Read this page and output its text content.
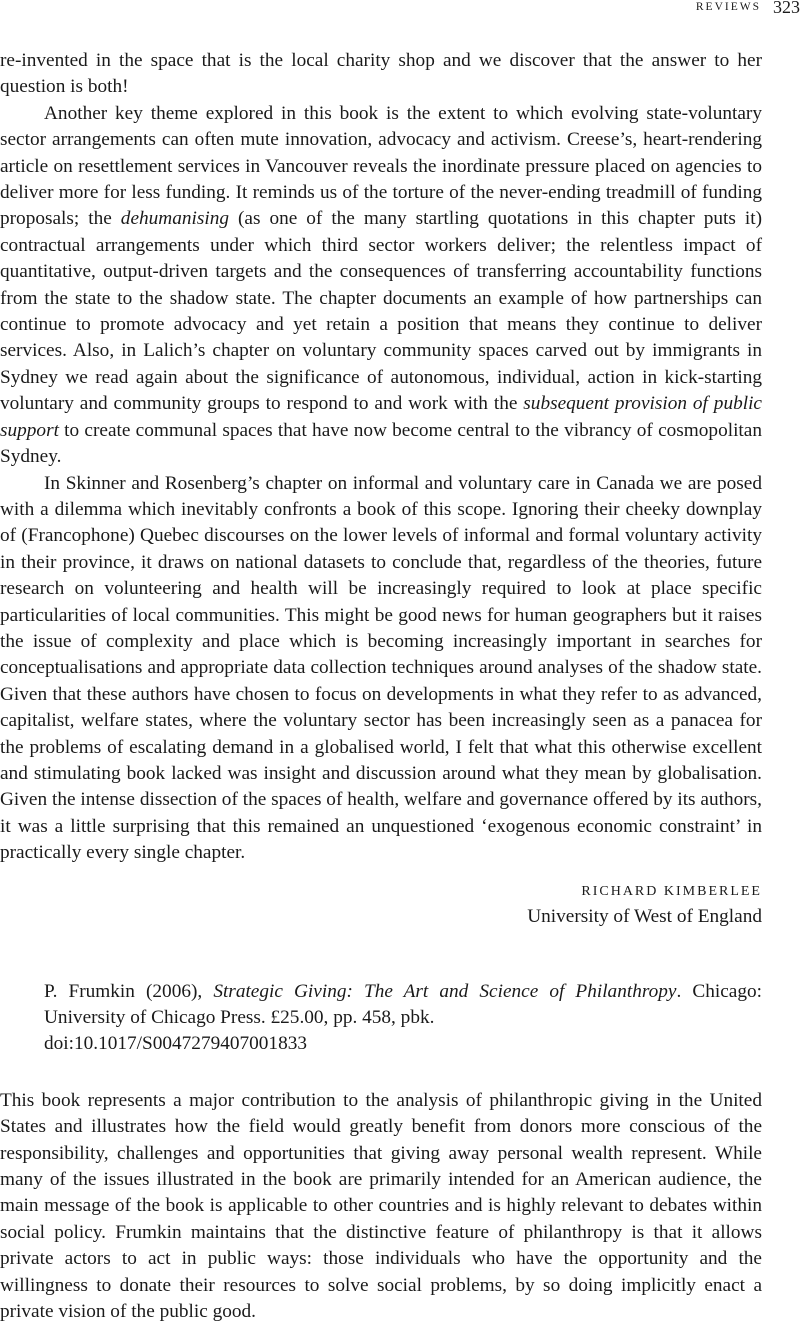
REVIEWS 323

re-invented in the space that is the local charity shop and we discover that the answer to her question is both!

Another key theme explored in this book is the extent to which evolving state-voluntary sector arrangements can often mute innovation, advocacy and activism. Creese’s, heart-rendering article on resettlement services in Vancouver reveals the inordinate pressure placed on agencies to deliver more for less funding. It reminds us of the torture of the never-ending treadmill of funding proposals; the dehumanising (as one of the many startling quotations in this chapter puts it) contractual arrangements under which third sector workers deliver; the relentless impact of quantitative, output-driven targets and the consequences of transferring accountability functions from the state to the shadow state. The chapter documents an example of how partnerships can continue to promote advocacy and yet retain a position that means they continue to deliver services. Also, in Lalich’s chapter on voluntary community spaces carved out by immigrants in Sydney we read again about the significance of autonomous, individual, action in kick-starting voluntary and community groups to respond to and work with the subsequent provision of public support to create communal spaces that have now become central to the vibrancy of cosmopolitan Sydney.

In Skinner and Rosenberg’s chapter on informal and voluntary care in Canada we are posed with a dilemma which inevitably confronts a book of this scope. Ignoring their cheeky downplay of (Francophone) Quebec discourses on the lower levels of informal and formal voluntary activity in their province, it draws on national datasets to conclude that, regardless of the theories, future research on volunteering and health will be increasingly required to look at place specific particularities of local communities. This might be good news for human geographers but it raises the issue of complexity and place which is becoming increasingly important in searches for conceptualisations and appropriate data collection techniques around analyses of the shadow state. Given that these authors have chosen to focus on developments in what they refer to as advanced, capitalist, welfare states, where the voluntary sector has been increasingly seen as a panacea for the problems of escalating demand in a globalised world, I felt that what this otherwise excellent and stimulating book lacked was insight and discussion around what they mean by globalisation. Given the intense dissection of the spaces of health, welfare and governance offered by its authors, it was a little surprising that this remained an unquestioned ‘exogenous economic constraint’ in practically every single chapter.

RICHARD KIMBERLEE
University of West of England

P. Frumkin (2006), Strategic Giving: The Art and Science of Philanthropy. Chicago: University of Chicago Press. £25.00, pp. 458, pbk.

doi:10.1017/S0047279407001833

This book represents a major contribution to the analysis of philanthropic giving in the United States and illustrates how the field would greatly benefit from donors more conscious of the responsibility, challenges and opportunities that giving away personal wealth represent. While many of the issues illustrated in the book are primarily intended for an American audience, the main message of the book is applicable to other countries and is highly relevant to debates within social policy. Frumkin maintains that the distinctive feature of philanthropy is that it allows private actors to act in public ways: those individuals who have the opportunity and the willingness to donate their resources to solve social problems, by so doing implicitly enact a private vision of the public good.
